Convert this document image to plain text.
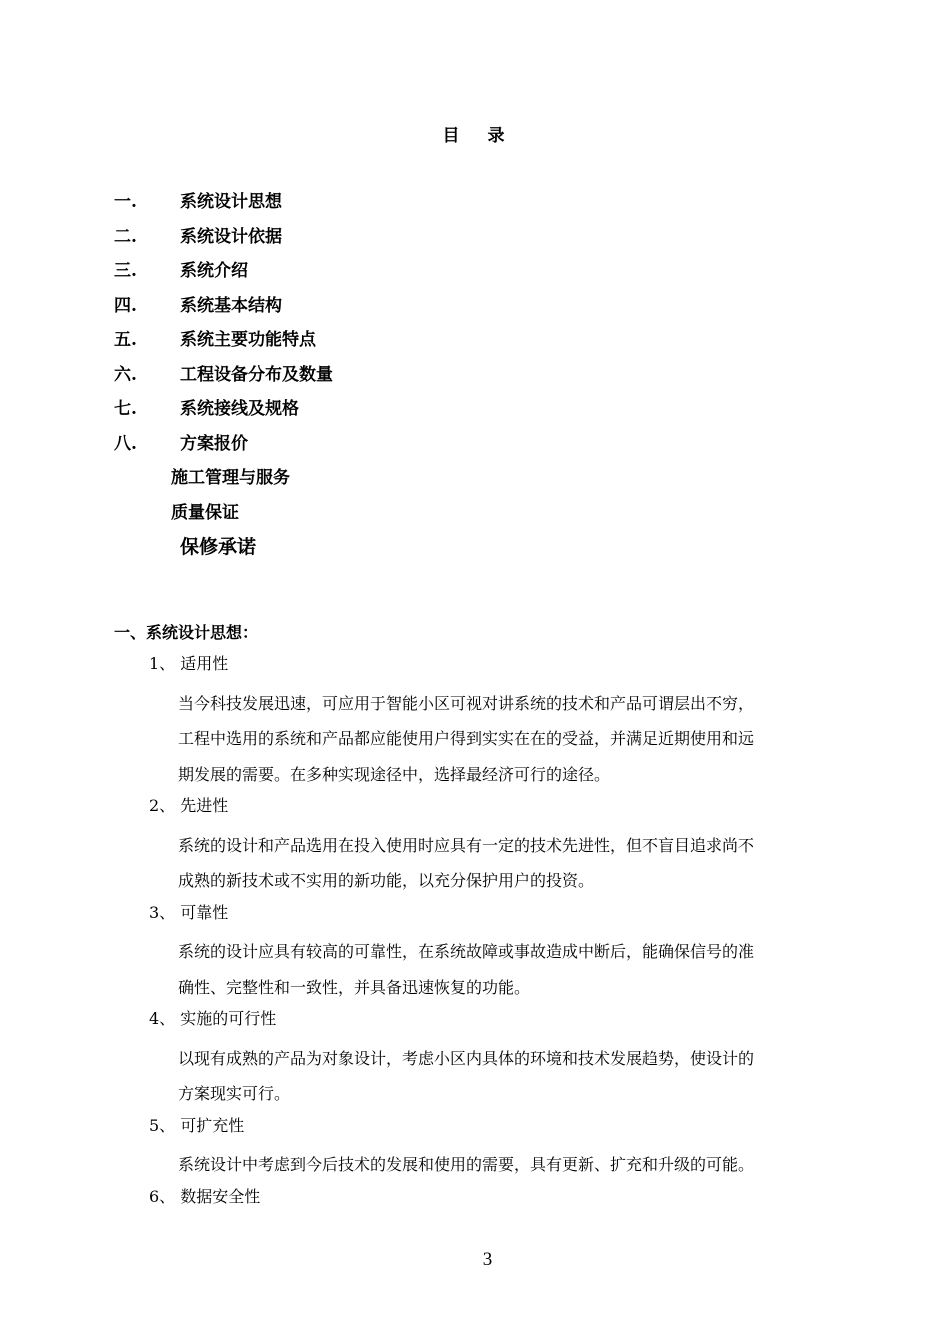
目录
一.	系统设计思想
二.	系统设计依据
三.	系统介绍
四.	系统基本结构
五.	系统主要功能特点
六.	工程设备分布及数量
七.	系统接线及规格
八.	方案报价
施工管理与服务
质量保证
保修承诺
一、系统设计思想：
1、 适用性
当今科技发展迅速，可应用于智能小区可视对讲系统的技术和产品可谓层出不穷，
工程中选用的系统和产品都应能使用户得到实实在在的受益，并满足近期使用和远
期发展的需要。在多种实现途径中，选择最经济可行的途径。
2、 先进性
系统的设计和产品选用在投入使用时应具有一定的技术先进性，但不盲目追求尚不
成熟的新技术或不实用的新功能，以充分保护用户的投资。
3、 可靠性
系统的设计应具有较高的可靠性，在系统故障或事故造成中断后，能确保信号的准
确性、完整性和一致性，并具备迅速恢复的功能。
4、 实施的可行性
以现有成熟的产品为对象设计，考虑小区内具体的环境和技术发展趋势，使设计的
方案现实可行。
5、 可扩充性
系统设计中考虑到今后技术的发展和使用的需要，具有更新、扩充和升级的可能。
6、 数据安全性
3
